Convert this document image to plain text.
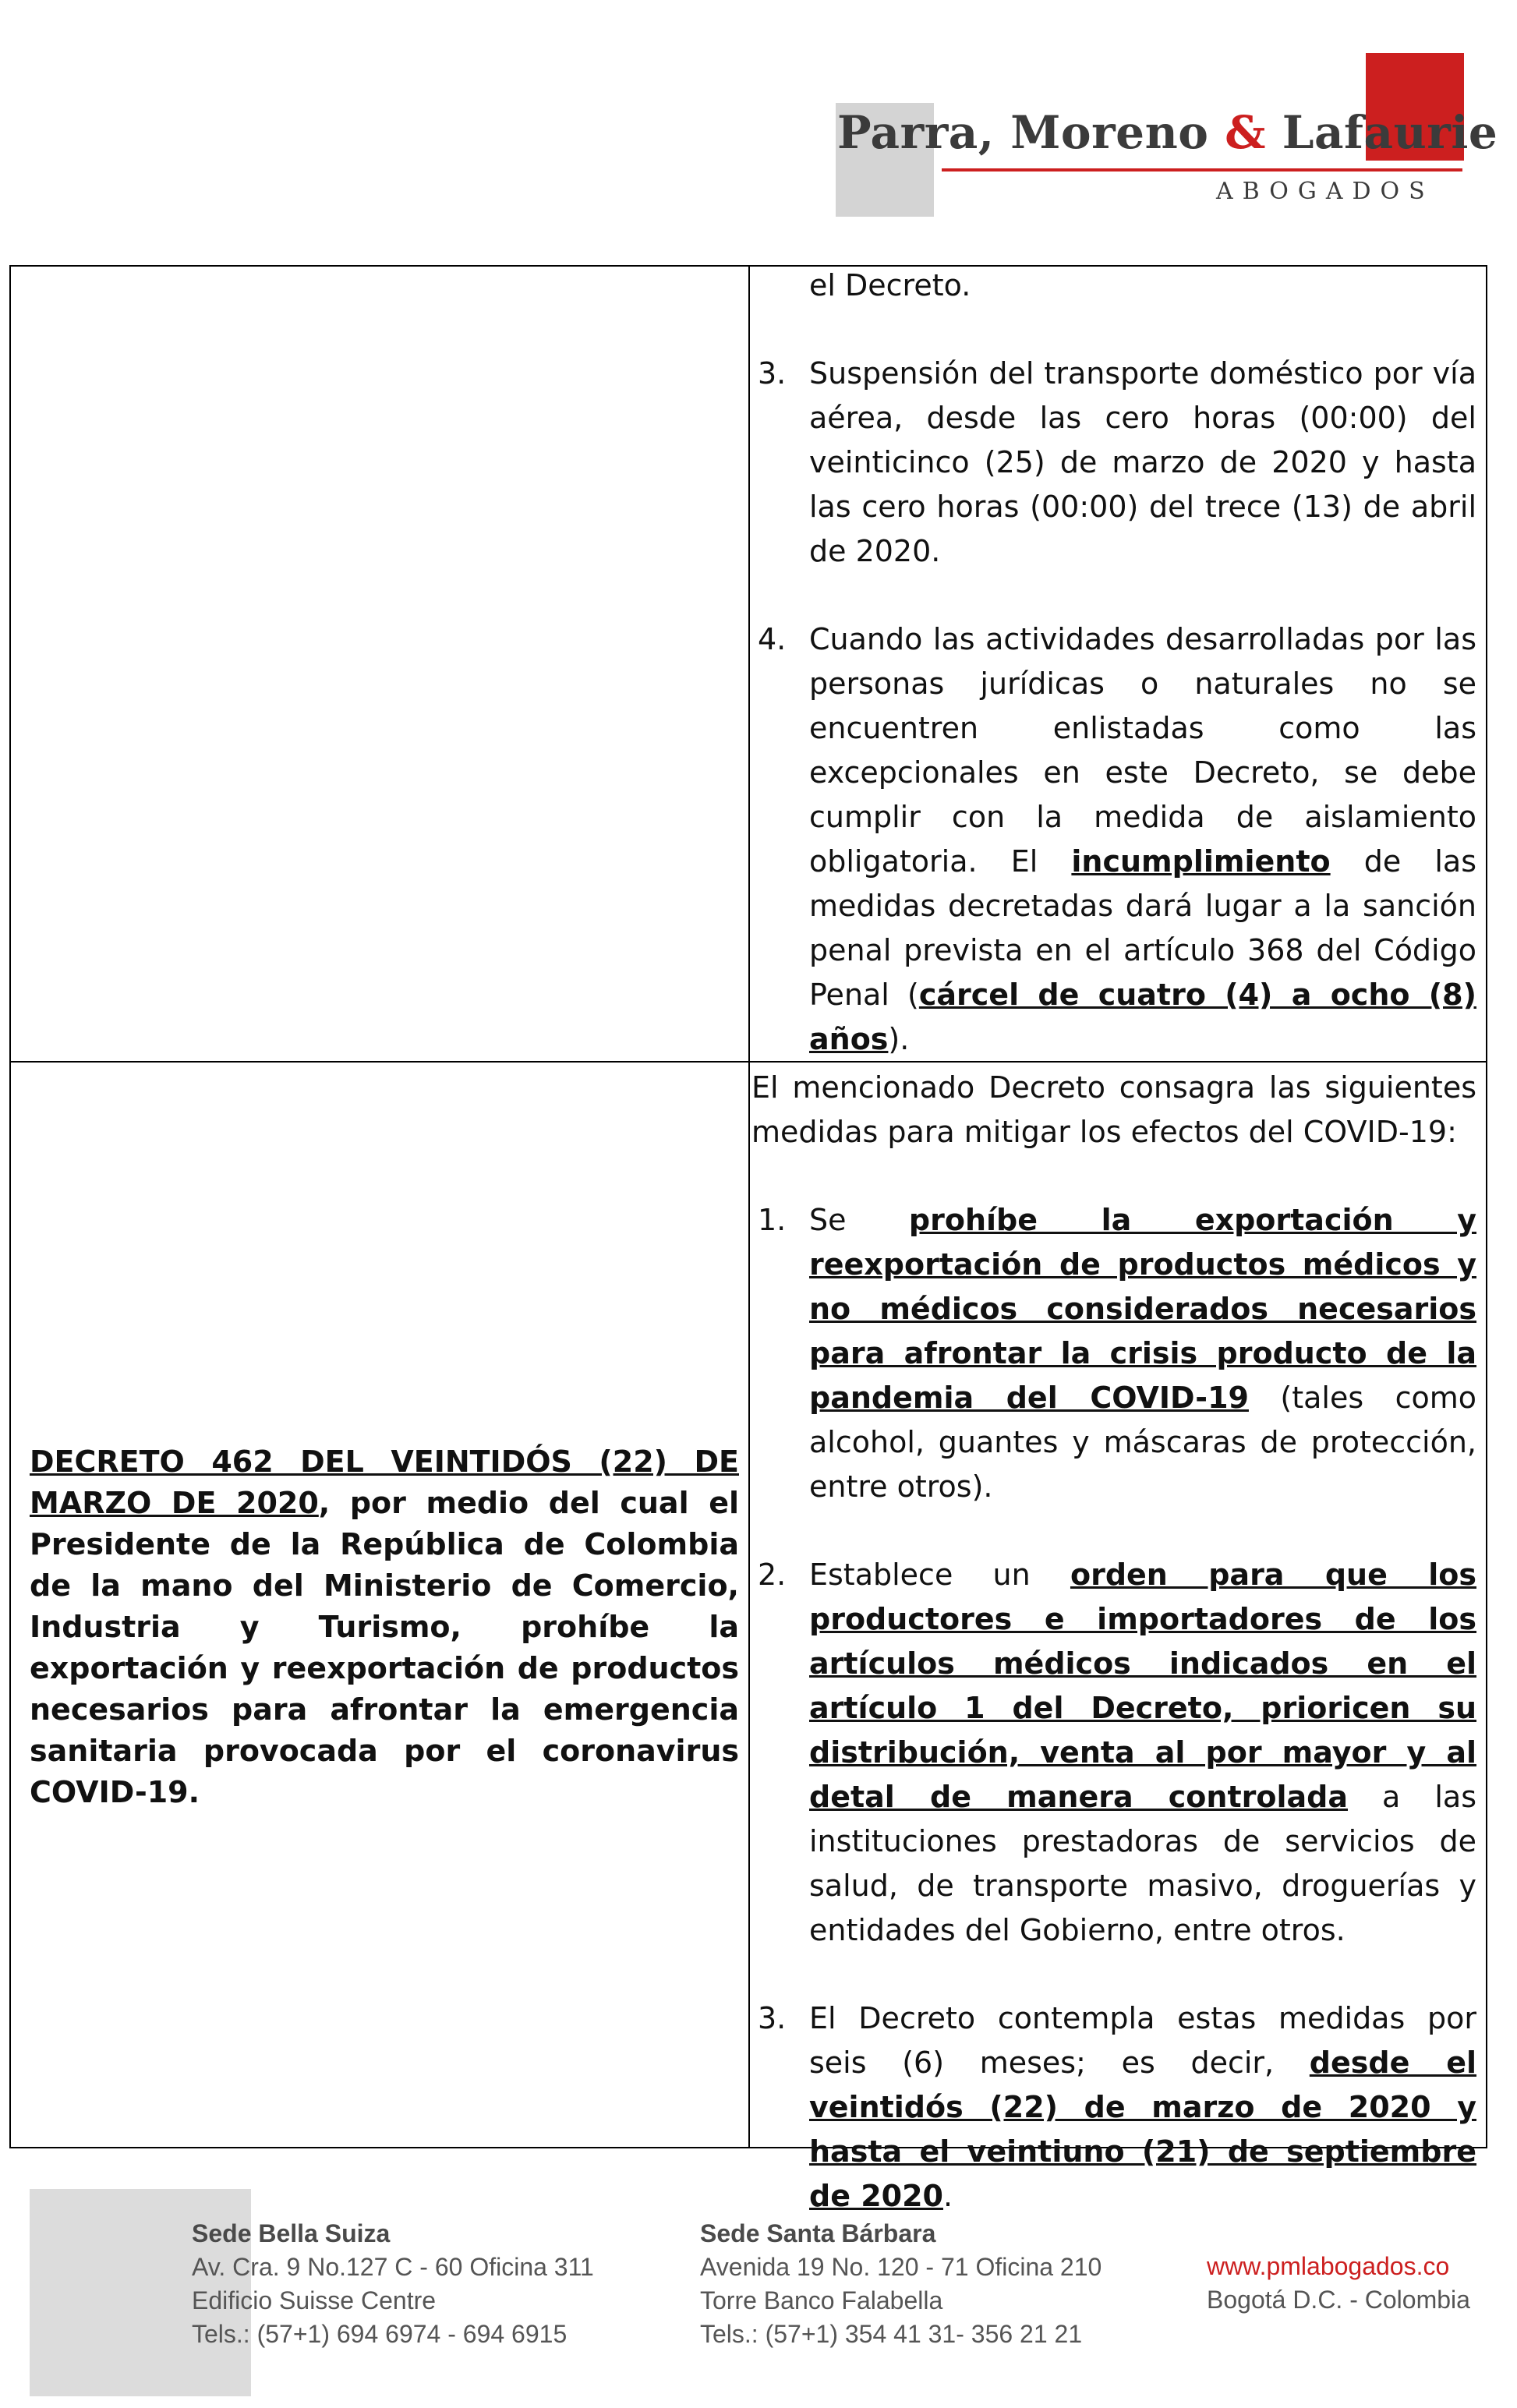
Parra, Moreno & Lafaurie
ABOGADOS

el Decreto.

3. Suspensión del transporte doméstico por vía aérea, desde las cero horas (00:00) del veinticinco (25) de marzo de 2020 y hasta las cero horas (00:00) del trece (13) de abril de 2020.

4. Cuando las actividades desarrolladas por las personas jurídicas o naturales no se encuentren enlistadas como las excepcionales en este Decreto, se debe cumplir con la medida de aislamiento obligatoria. El incumplimiento de las medidas decretadas dará lugar a la sanción penal prevista en el artículo 368 del Código Penal (cárcel de cuatro (4) a ocho (8) años).

DECRETO 462 DEL VEINTIDÓS (22) DE MARZO DE 2020, por medio del cual el Presidente de la República de Colombia de la mano del Ministerio de Comercio, Industria y Turismo, prohíbe la exportación y reexportación de productos necesarios para afrontar la emergencia sanitaria provocada por el coronavirus COVID-19.

El mencionado Decreto consagra las siguientes medidas para mitigar los efectos del COVID-19:

1. Se prohíbe la exportación y reexportación de productos médicos y no médicos considerados necesarios para afrontar la crisis producto de la pandemia del COVID-19 (tales como alcohol, guantes y máscaras de protección, entre otros).

2. Establece un orden para que los productores e importadores de los artículos médicos indicados en el artículo 1 del Decreto, prioricen su distribución, venta al por mayor y al detal de manera controlada a las instituciones prestadoras de servicios de salud, de transporte masivo, droguerías y entidades del Gobierno, entre otros.

3. El Decreto contempla estas medidas por seis (6) meses; es decir, desde el veintidós (22) de marzo de 2020 y hasta el veintiuno (21) de septiembre de 2020.

Sede Bella Suiza
Av. Cra. 9 No.127 C - 60 Oficina 311
Edificio Suisse Centre
Tels.: (57+1) 694 6974 - 694 6915
Sede Santa Bárbara
Avenida 19 No. 120 - 71 Oficina 210
Torre Banco Falabella
Tels.: (57+1) 354 41 31- 356 21 21
www.pmlabogados.co
Bogotá D.C. - Colombia
